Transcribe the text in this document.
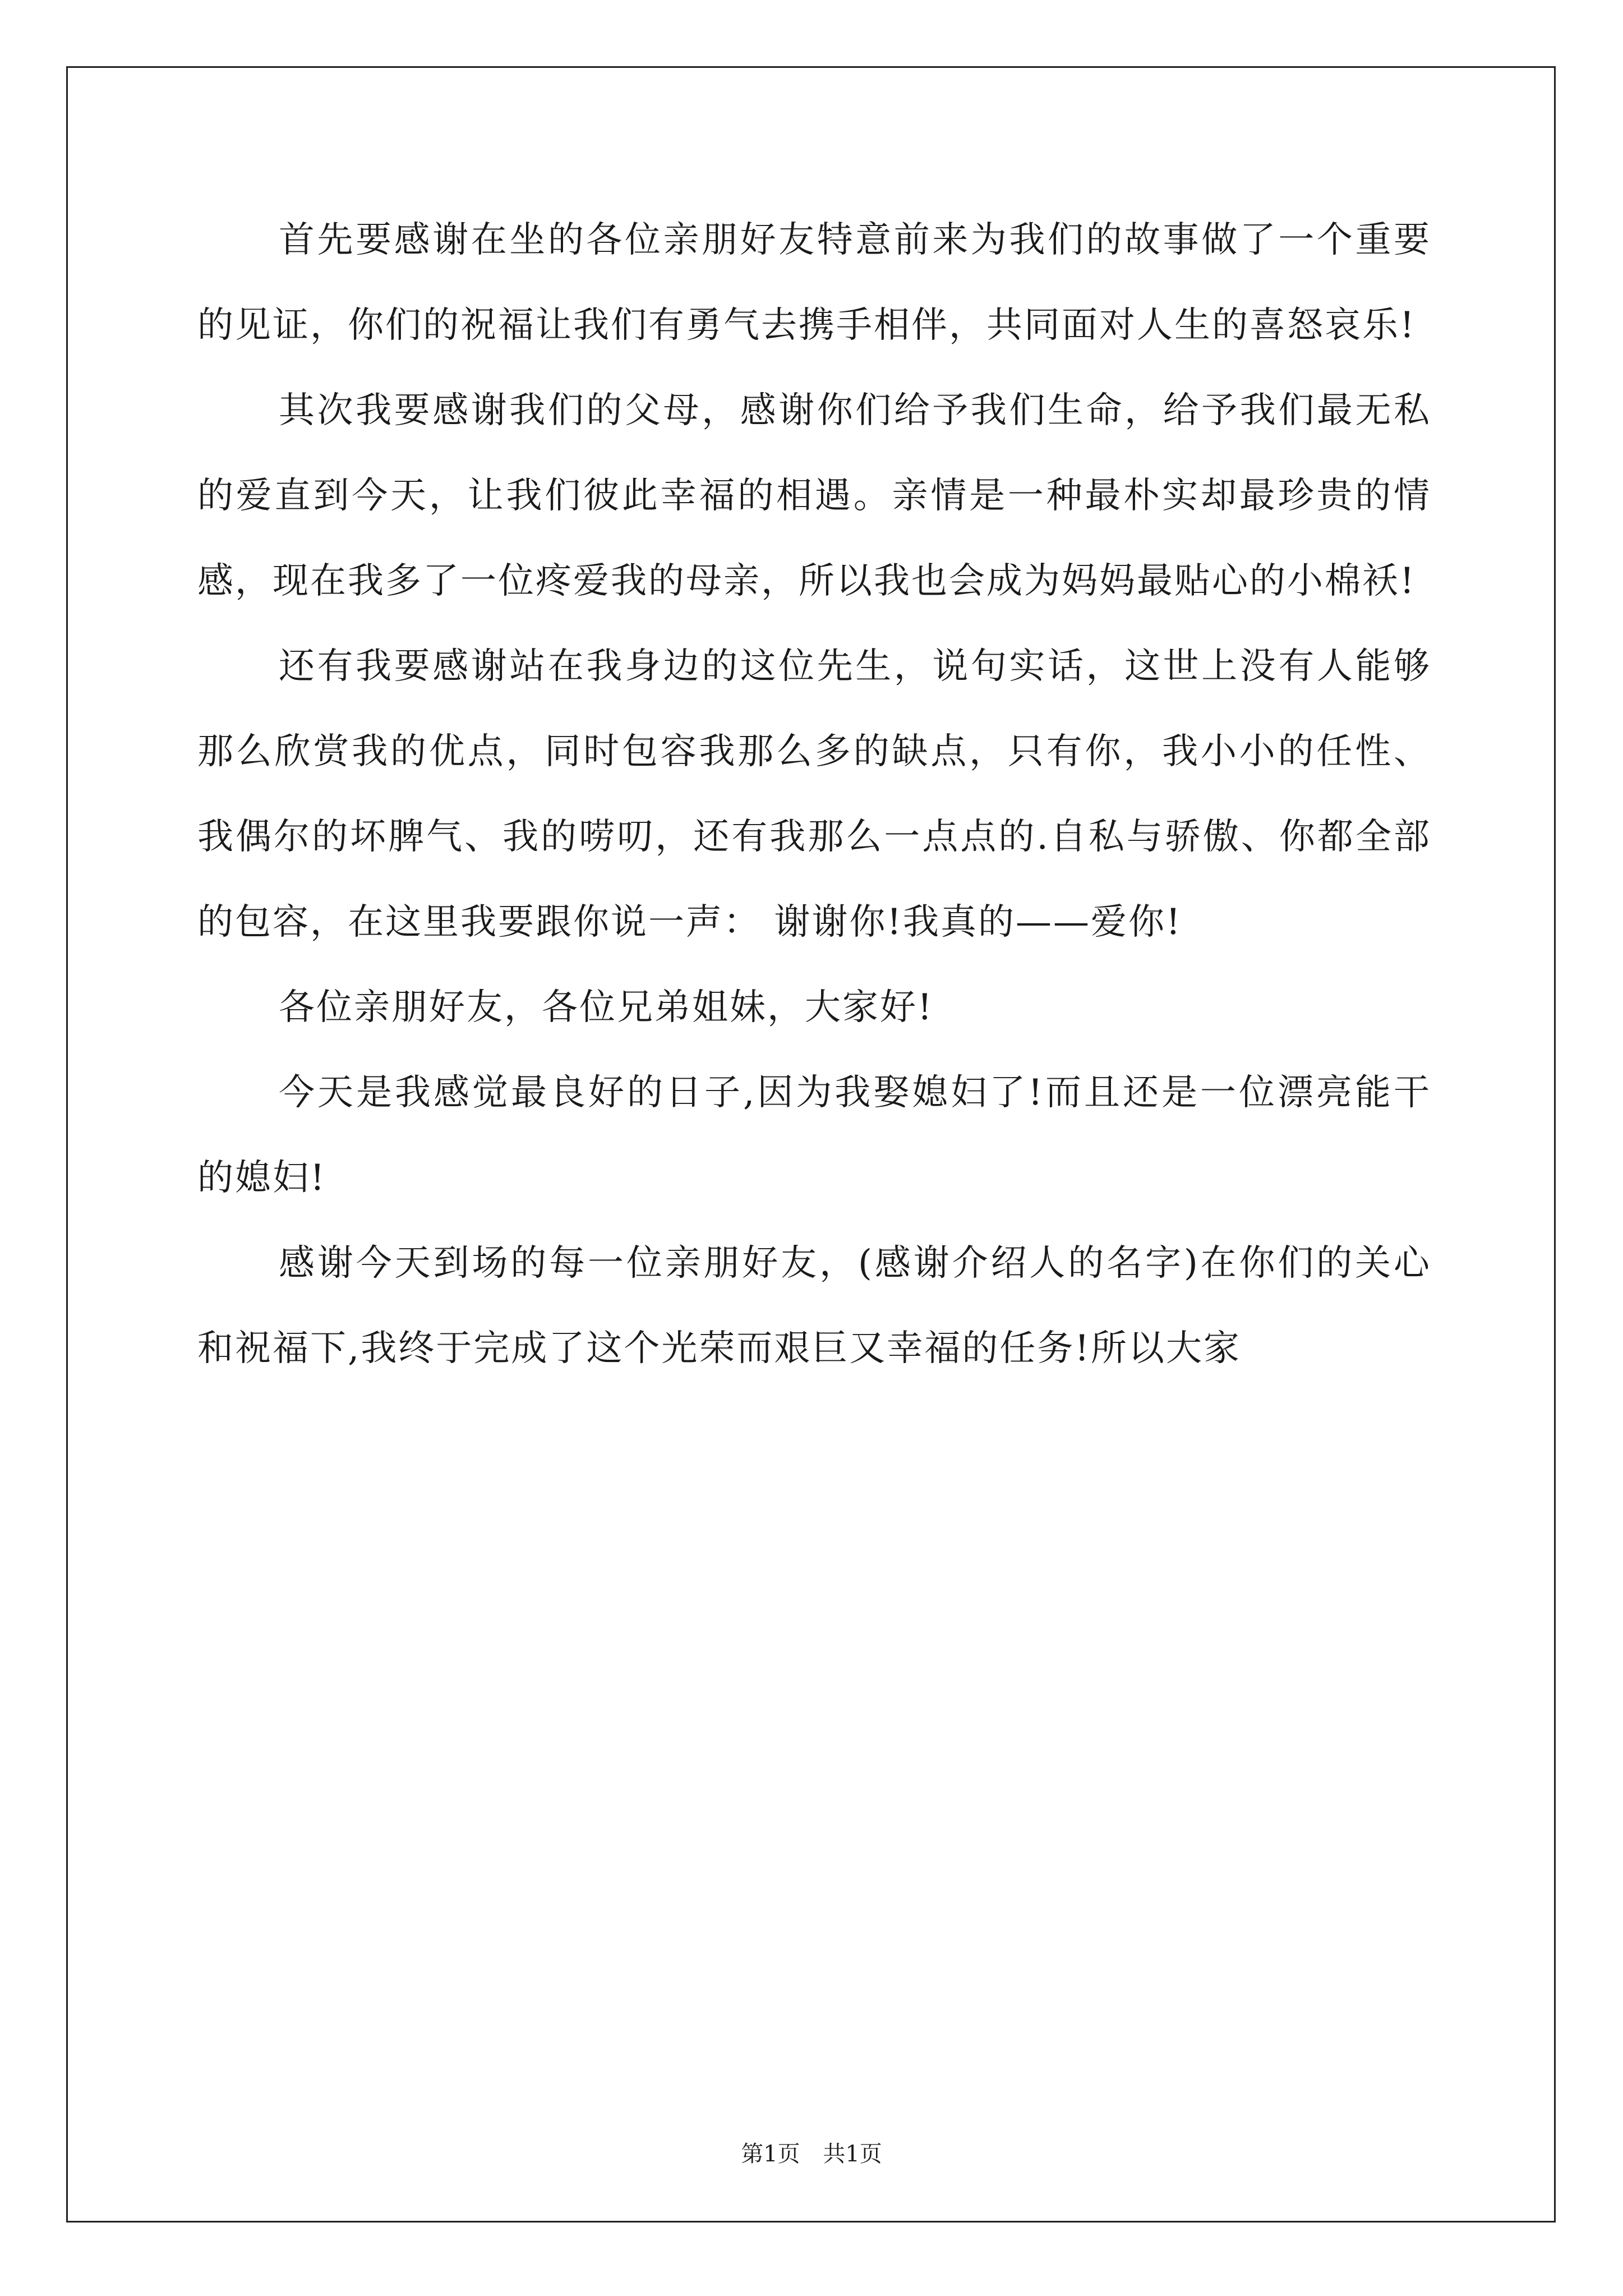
首先要感谢在坐的各位亲朋好友特意前来为我们的故事做了一个重要的见证，你们的祝福让我们有勇气去携手相伴，共同面对人生的喜怒哀乐!

其次我要感谢我们的父母，感谢你们给予我们生命，给予我们最无私的爱直到今天，让我们彼此幸福的相遇。亲情是一种最朴实却最珍贵的情感，现在我多了一位疼爱我的母亲，所以我也会成为妈妈最贴心的小棉袄!

还有我要感谢站在我身边的这位先生，说句实话，这世上没有人能够那么欣赏我的优点，同时包容我那么多的缺点，只有你，我小小的任性、我偶尔的坏脾气、我的唠叨，还有我那么一点点的.自私与骄傲、你都全部的包容，在这里我要跟你说一声： 谢谢你!我真的——爱你!

各位亲朋好友，各位兄弟姐妹，大家好!

今天是我感觉最良好的日子,因为我娶媳妇了!而且还是一位漂亮能干的媳妇!

感谢今天到场的每一位亲朋好友，(感谢介绍人的名字)在你们的关心和祝福下,我终于完成了这个光荣而艰巨又幸福的任务!所以大家

第1页 共1页
